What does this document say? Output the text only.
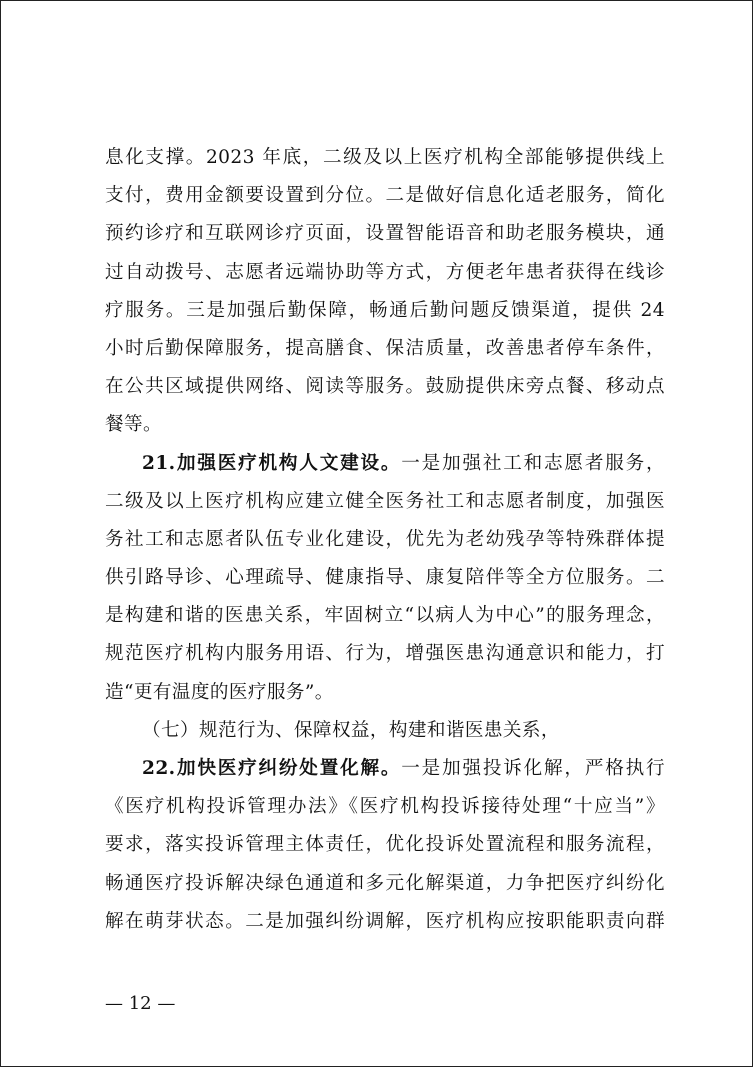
息化支撑。2023 年底，二级及以上医疗机构全部能够提供线上
支付，费用金额要设置到分位。二是做好信息化适老服务，简化
预约诊疗和互联网诊疗页面，设置智能语音和助老服务模块，通
过自动拨号、志愿者远端协助等方式，方便老年患者获得在线诊
疗服务。三是加强后勤保障，畅通后勤问题反馈渠道，提供 24
小时后勤保障服务，提高膳食、保洁质量，改善患者停车条件，
在公共区域提供网络、阅读等服务。鼓励提供床旁点餐、移动点
餐等。
21.加强医疗机构人文建设。一是加强社工和志愿者服务，
二级及以上医疗机构应建立健全医务社工和志愿者制度，加强医
务社工和志愿者队伍专业化建设，优先为老幼残孕等特殊群体提
供引路导诊、心理疏导、健康指导、康复陪伴等全方位服务。二
是构建和谐的医患关系，牢固树立“以病人为中心”的服务理念，
规范医疗机构内服务用语、行为，增强医患沟通意识和能力，打
造“更有温度的医疗服务”。
（七）规范行为、保障权益，构建和谐医患关系，
22.加快医疗纠纷处置化解。一是加强投诉化解，严格执行
《医疗机构投诉管理办法》《医疗机构投诉接待处理“十应当”》
要求，落实投诉管理主体责任，优化投诉处置流程和服务流程，
畅通医疗投诉解决绿色通道和多元化解渠道，力争把医疗纠纷化
解在萌芽状态。二是加强纠纷调解，医疗机构应按职能职责向群
— 12 —
